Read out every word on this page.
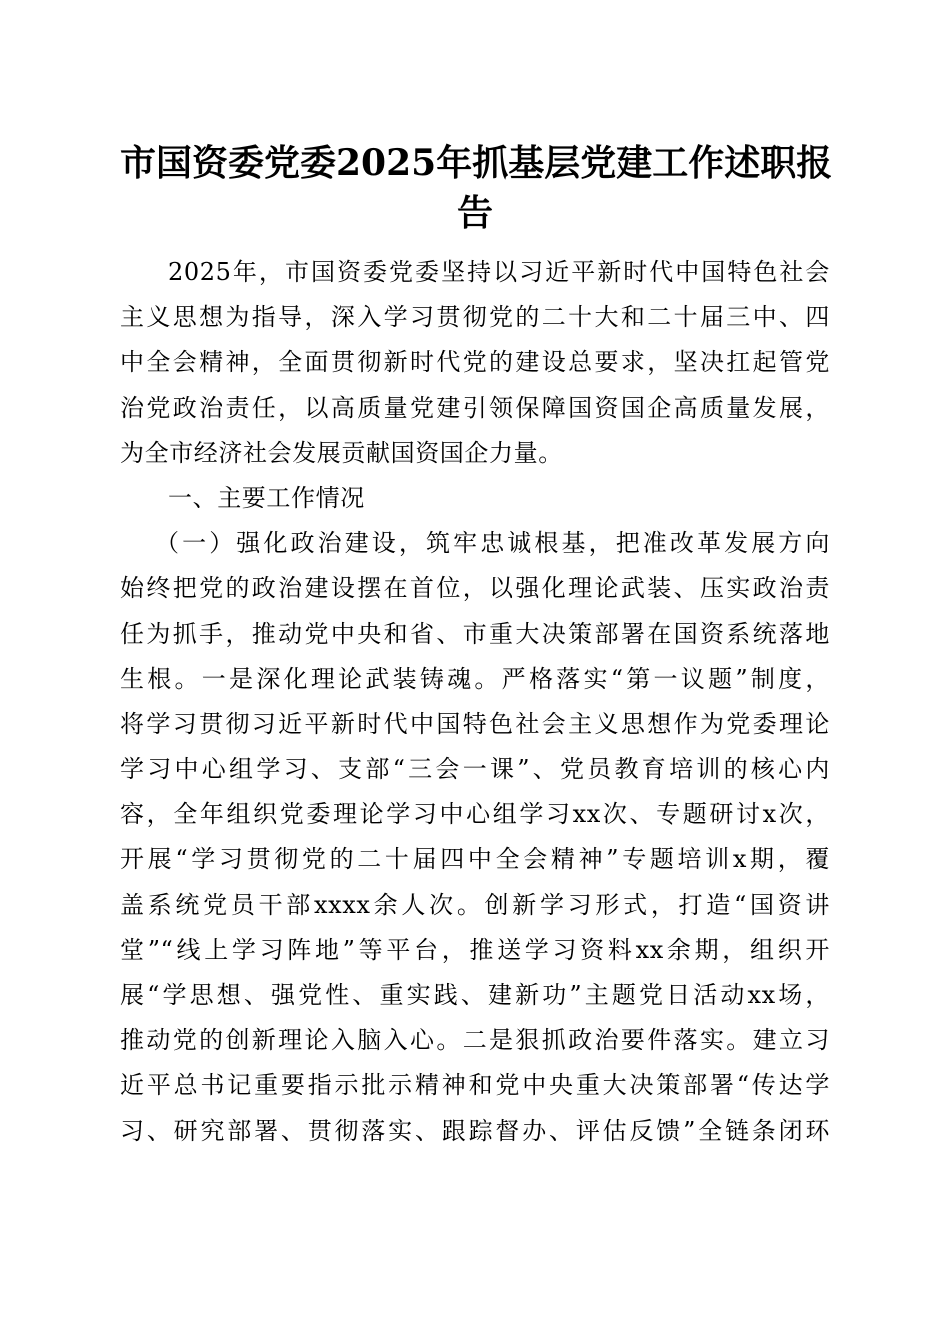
市国资委党委2025年抓基层党建工作述职报
告
2025年，市国资委党委坚持以习近平新时代中国特色社会
主义思想为指导，深入学习贯彻党的二十大和二十届三中、四
中全会精神，全面贯彻新时代党的建设总要求，坚决扛起管党
治党政治责任，以高质量党建引领保障国资国企高质量发展，
为全市经济社会发展贡献国资国企力量。
一、主要工作情况
（一）强化政治建设，筑牢忠诚根基，把准改革发展方向
始终把党的政治建设摆在首位，以强化理论武装、压实政治责
任为抓手，推动党中央和省、市重大决策部署在国资系统落地
生根。一是深化理论武装铸魂。严格落实“第一议题”制度，
将学习贯彻习近平新时代中国特色社会主义思想作为党委理论
学习中心组学习、支部“三会一课”、党员教育培训的核心内
容，全年组织党委理论学习中心组学习xx次、专题研讨x次，
开展“学习贯彻党的二十届四中全会精神”专题培训x期，覆
盖系统党员干部xxxx余人次。创新学习形式，打造“国资讲
堂”“线上学习阵地”等平台，推送学习资料xx余期，组织开
展“学思想、强党性、重实践、建新功”主题党日活动xx场，
推动党的创新理论入脑入心。二是狠抓政治要件落实。建立习
近平总书记重要指示批示精神和党中央重大决策部署“传达学
习、研究部署、贯彻落实、跟踪督办、评估反馈”全链条闭环
